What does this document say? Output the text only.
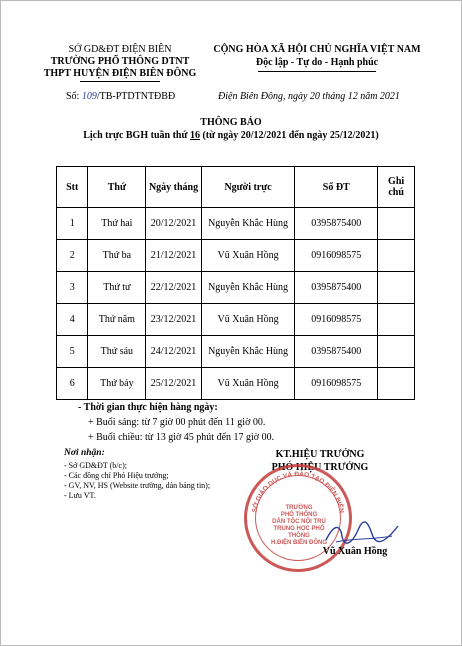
SỞ GD&ĐT ĐIỆN BIÊN
TRƯỜNG PHỔ THÔNG DTNT
THPT HUYỆN ĐIỆN BIÊN ĐÔNG
CỘNG HÒA XÃ HỘI CHỦ NGHĨA VIỆT NAM
Độc lập - Tự do - Hạnh phúc
Số: 109/TB-PTDTNTĐBĐ	Điện Biên Đông, ngày 20 tháng 12 năm 2021
THÔNG BÁO
Lịch trực BGH tuần thứ 16 (từ ngày 20/12/2021 đến ngày 25/12/2021)
Stt	Thứ	Ngày tháng	Người trực	Số ĐT	Ghi chú
1	Thứ hai	20/12/2021	Nguyễn Khắc Hùng	0395875400	
2	Thứ ba	21/12/2021	Vũ Xuân Hồng	0916098575	
3	Thứ tư	22/12/2021	Nguyễn Khắc Hùng	0395875400	
4	Thứ năm	23/12/2021	Vũ Xuân Hồng	0916098575	
5	Thứ sáu	24/12/2021	Nguyễn Khắc Hùng	0395875400	
6	Thứ bảy	25/12/2021	Vũ Xuân Hồng	0916098575	
- Thời gian thực hiện hàng ngày:
+ Buổi sáng: từ 7 giờ 00 phút đến 11 giờ 00.
+ Buổi chiều: từ 13 giờ 45 phút đến 17 giờ 00.
Nơi nhận:
- Sở GD&ĐT (b/c);
- Các đồng chí Phó Hiệu trưởng;
- GV, NV, HS (Website trường, dán bảng tin);
- Lưu VT.
KT.HIỆU TRƯỞNG
PHÓ HIỆU TRƯỞNG
SỞ GIÁO DỤC VÀ ĐÀO TẠO ĐIỆN BIÊN
TRƯỜNG
PHỔ THÔNG
DÂN TỘC NỘI TRÚ
TRUNG HỌC PHỔ THÔNG
H.ĐIỆN BIÊN ĐÔNG
Vũ Xuân Hồng
